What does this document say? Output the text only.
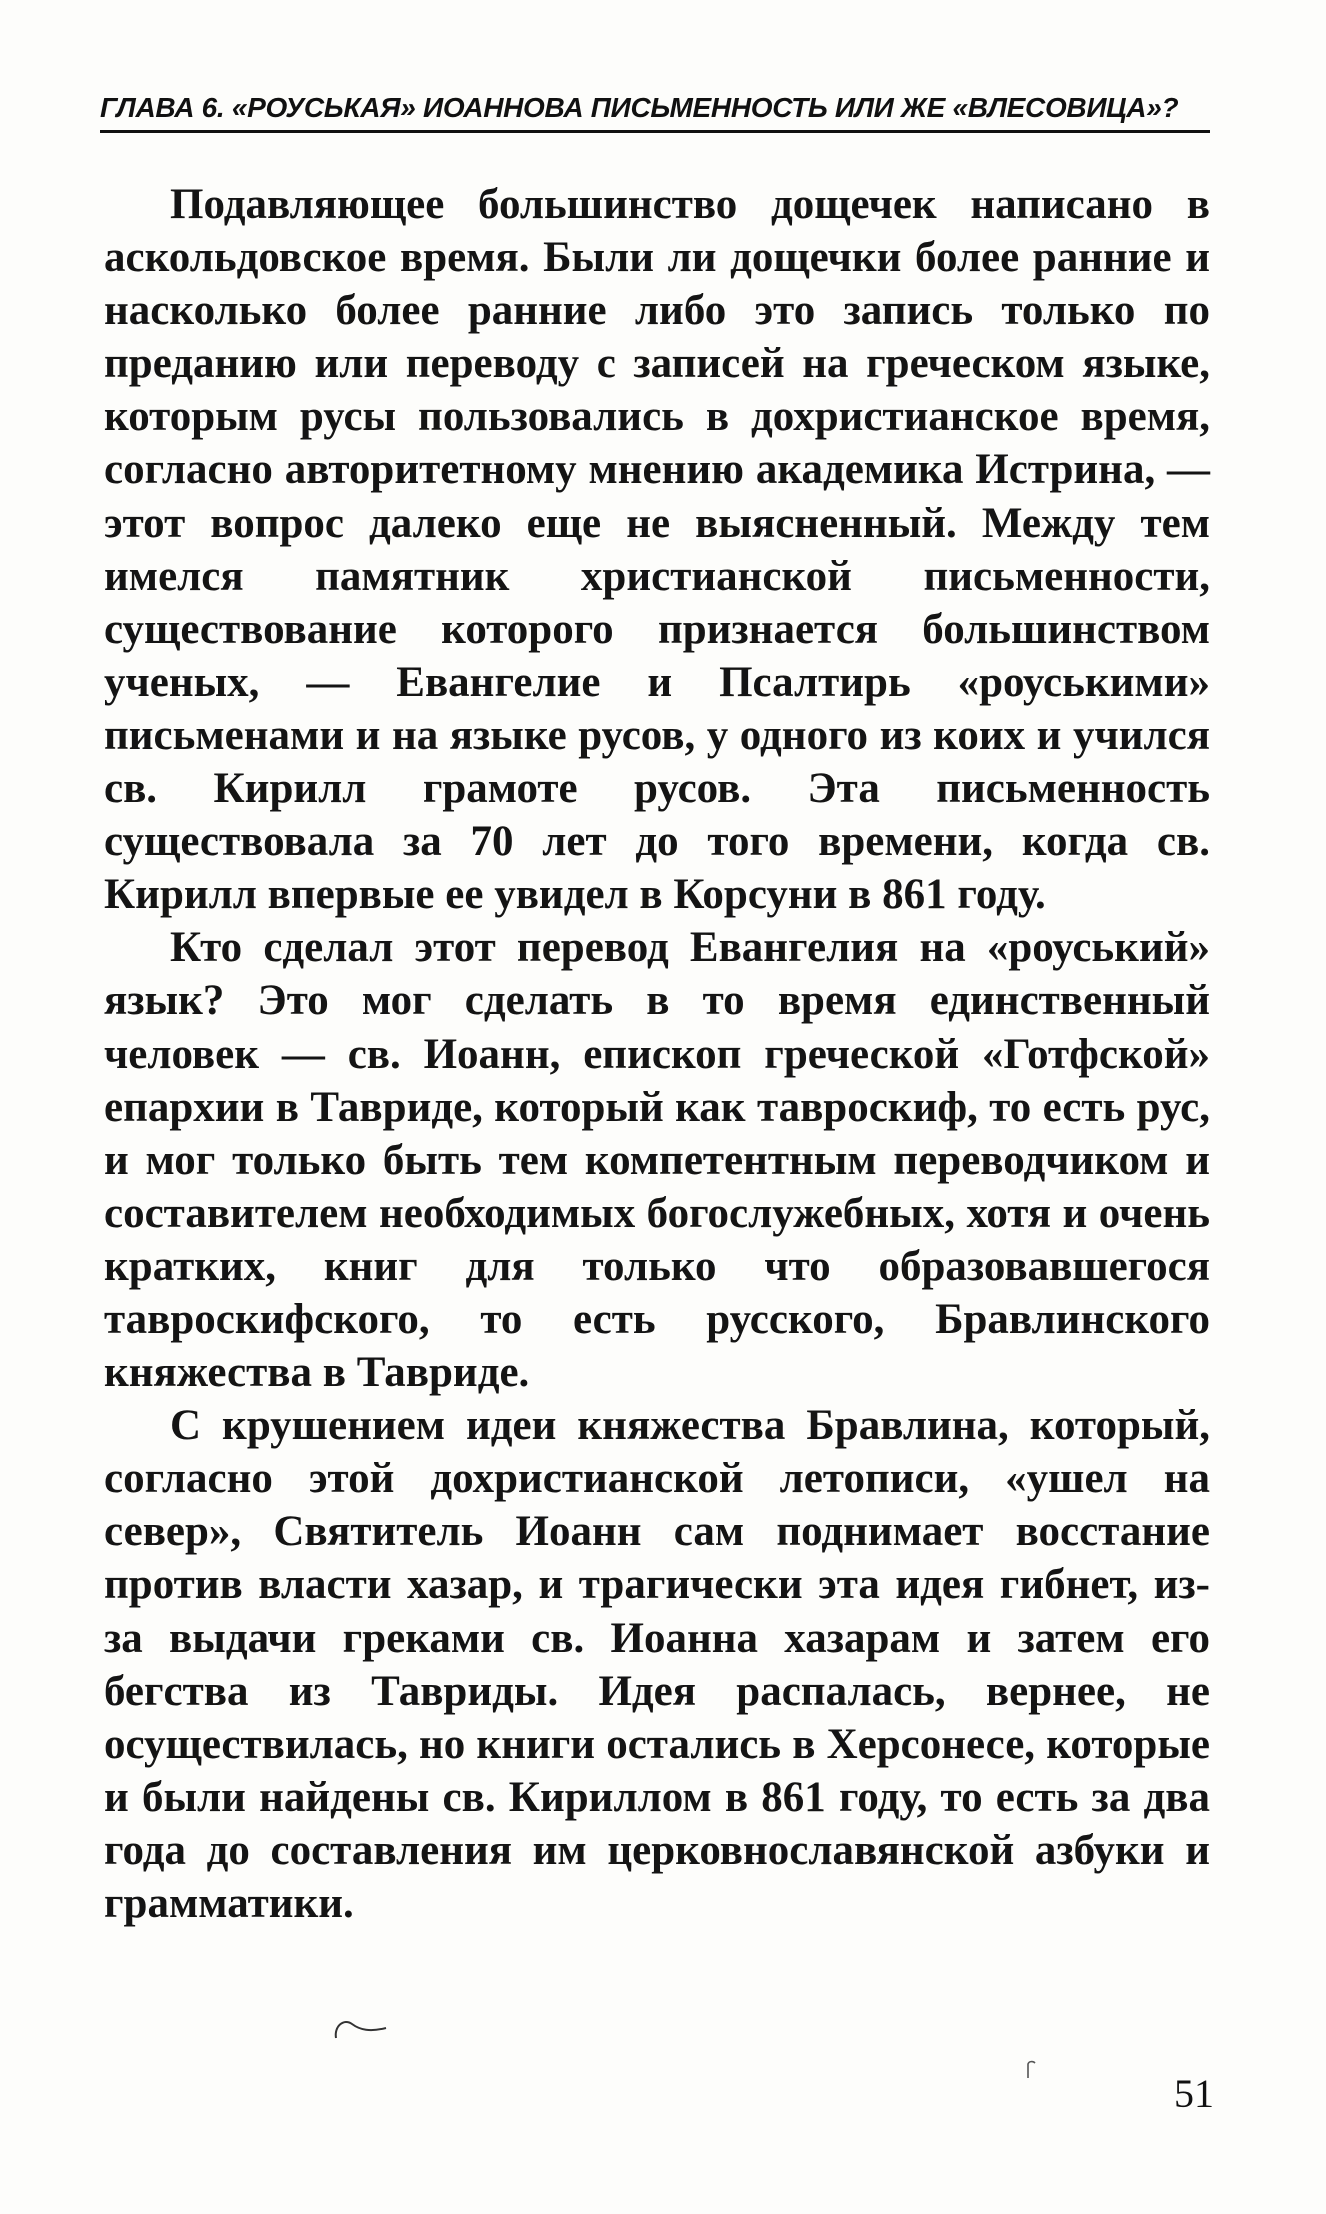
ГЛАВА 6. «РОУСЬКАЯ» ИОАННОВА ПИСЬМЕННОСТЬ ИЛИ ЖЕ «ВЛЕСОВИЦА»?

Подавляющее большинство дощечек написано в аскольдовское время. Были ли дощечки более ранние и насколько более ранние либо это запись только по преданию или переводу с записей на греческом языке, которым русы пользовались в дохристианское время, согласно авторитетному мнению академика Истрина, — этот вопрос далеко еще не выясненный. Между тем имелся памятник христианской письменности, существование которого признается большинством ученых, — Евангелие и Псалтирь «роуськими» письменами и на языке русов, у одного из коих и учился св. Кирилл грамоте русов. Эта письменность существовала за 70 лет до того времени, когда св. Кирилл впервые ее увидел в Корсуни в 861 году.

Кто сделал этот перевод Евангелия на «роуський» язык? Это мог сделать в то время единственный человек — св. Иоанн, епископ греческой «Готфской» епархии в Тавриде, который как тавроскиф, то есть рус, и мог только быть тем компетентным переводчиком и составителем необходимых богослужебных, хотя и очень кратких, книг для только что образовавшегося тавроскифского, то есть русского, Бравлинского княжества в Тавриде.

С крушением идеи княжества Бравлина, который, согласно этой дохристианской летописи, «ушел на север», Святитель Иоанн сам поднимает восстание против власти хазар, и трагически эта идея гибнет, из-за выдачи греками св. Иоанна хазарам и затем его бегства из Тавриды. Идея распалась, вернее, не осуществилась, но книги остались в Херсонесе, которые и были найдены св. Кириллом в 861 году, то есть за два года до составления им церковнославянской азбуки и грамматики.

51
